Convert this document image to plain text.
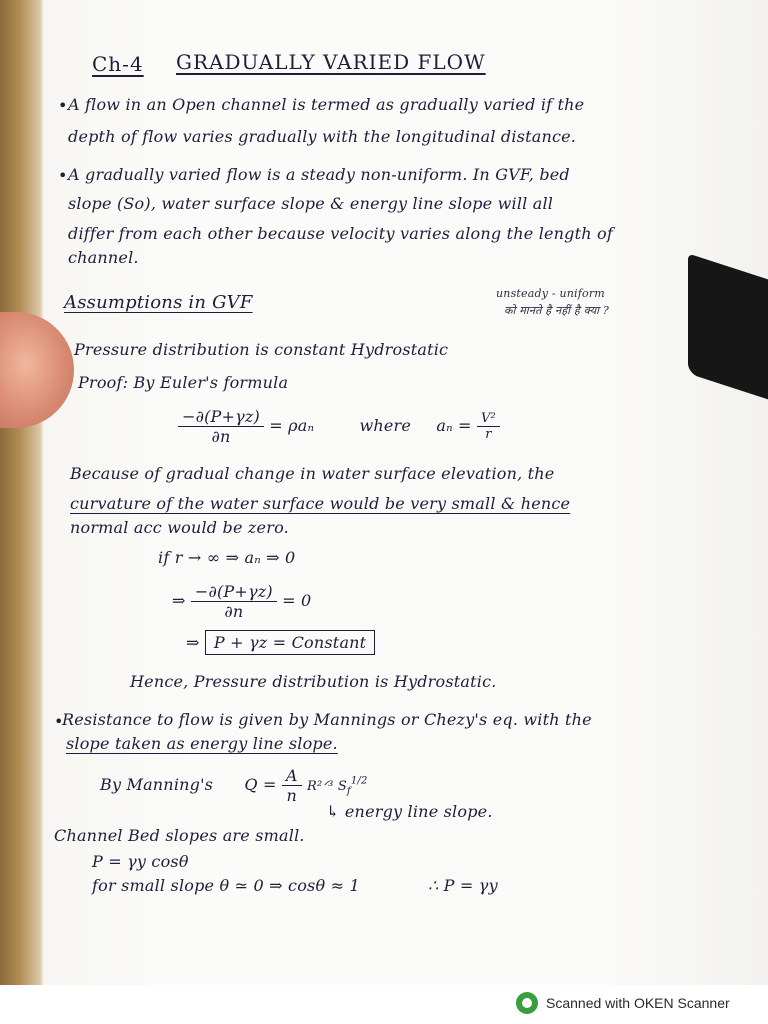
Ch-4 GRADUALLY VARIED FLOW
• A flow in an Open channel is termed as gradually varied if the
depth of flow varies gradually with the longitudinal distance.
• A gradually varied flow is a steady non-uniform. In GVF, bed
slope (So), water surface slope & energy line slope will all
differ from each other because velocity varies along the length of
channel.
Assumptions in GVF	unsteady - uniform
को मानते है नहीं है क्या ?
Pressure distribution is constant Hydrostatic
Proof: By Euler's formula
$\frac{-\partial(P+\gamma z)}{\partial n} = \rho a_n$	where $a_n = \frac{\text{V²}}{r}$
Because of gradual change in water surface elevation, the
curvature of the water surface would be very small & hence
normal acc would be zero.
if r → ∞ ⇒ aₙ ⇒ 0
⇒ $\frac{-\partial(P+\gamma z)}{\partial n} = 0$
⇒ P + γz = Constant
Hence, Pressure distribution is Hydrostatic.
•
Resistance to flow is given by Mannings or Chezy's eq. with the
slope taken as energy line slope.
By Manning's $Q = \frac{A}{n}$ R²ᐟ³ $S_f^{1/2}$
↳ energy line slope.
Channel Bed slopes are small.
P = γy cosθ
for small slope θ ≃ 0 ⇒ cosθ ≈ 1	∴ P = γy
Scanned with OKEN Scanner
